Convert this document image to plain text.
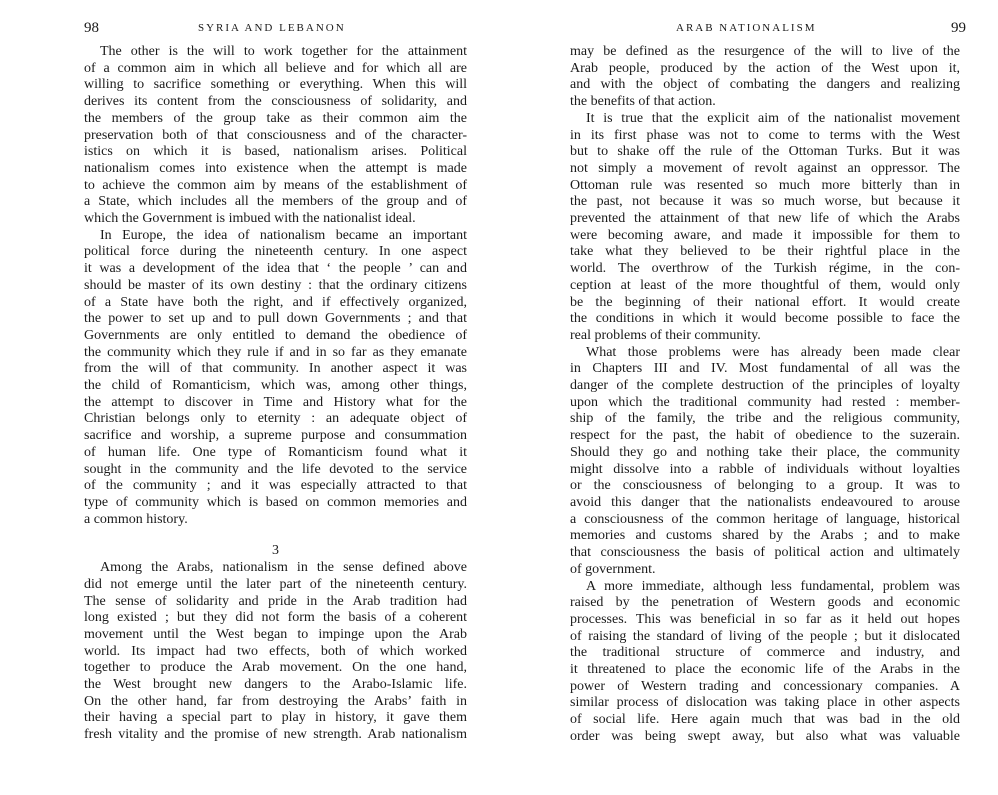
98	SYRIA AND LEBANON
The other is the will to work together for the attainment
of a common aim in which all believe and for which all are
willing to sacrifice something or everything. When this will
derives its content from the consciousness of solidarity, and
the members of the group take as their common aim the
preservation both of that consciousness and of the character-
istics on which it is based, nationalism arises. Political
nationalism comes into existence when the attempt is made
to achieve the common aim by means of the establishment of
a State, which includes all the members of the group and of
which the Government is imbued with the nationalist ideal.
In Europe, the idea of nationalism became an important
political force during the nineteenth century. In one aspect
it was a development of the idea that ‘ the people ’ can and
should be master of its own destiny : that the ordinary citizens
of a State have both the right, and if effectively organized,
the power to set up and to pull down Governments ; and that
Governments are only entitled to demand the obedience of
the community which they rule if and in so far as they emanate
from the will of that community. In another aspect it was
the child of Romanticism, which was, among other things,
the attempt to discover in Time and History what for the
Christian belongs only to eternity : an adequate object of
sacrifice and worship, a supreme purpose and consummation
of human life. One type of Romanticism found what it
sought in the community and the life devoted to the service
of the community ; and it was especially attracted to that
type of community which is based on common memories and
a common history.
3
Among the Arabs, nationalism in the sense defined above
did not emerge until the later part of the nineteenth century.
The sense of solidarity and pride in the Arab tradition had
long existed ; but they did not form the basis of a coherent
movement until the West began to impinge upon the Arab
world. Its impact had two effects, both of which worked
together to produce the Arab movement. On the one hand,
the West brought new dangers to the Arabo-Islamic life.
On the other hand, far from destroying the Arabs’ faith in
their having a special part to play in history, it gave them
fresh vitality and the promise of new strength. Arab nationalism
99
ARAB NATIONALISM
may be defined as the resurgence of the will to live of the
Arab people, produced by the action of the West upon it,
and with the object of combating the dangers and realizing
the benefits of that action.
It is true that the explicit aim of the nationalist movement
in its first phase was not to come to terms with the West
but to shake off the rule of the Ottoman Turks. But it was
not simply a movement of revolt against an oppressor. The
Ottoman rule was resented so much more bitterly than in
the past, not because it was so much worse, but because it
prevented the attainment of that new life of which the Arabs
were becoming aware, and made it impossible for them to
take what they believed to be their rightful place in the
world. The overthrow of the Turkish régime, in the con-
ception at least of the more thoughtful of them, would only
be the beginning of their national effort. It would create
the conditions in which it would become possible to face the
real problems of their community.
What those problems were has already been made clear
in Chapters III and IV. Most fundamental of all was the
danger of the complete destruction of the principles of loyalty
upon which the traditional community had rested : member-
ship of the family, the tribe and the religious community,
respect for the past, the habit of obedience to the suzerain.
Should they go and nothing take their place, the community
might dissolve into a rabble of individuals without loyalties
or the consciousness of belonging to a group. It was to
avoid this danger that the nationalists endeavoured to arouse
a consciousness of the common heritage of language, historical
memories and customs shared by the Arabs ; and to make
that consciousness the basis of political action and ultimately
of government.
A more immediate, although less fundamental, problem was
raised by the penetration of Western goods and economic
processes. This was beneficial in so far as it held out hopes
of raising the standard of living of the people ; but it dislocated
the traditional structure of commerce and industry, and
it threatened to place the economic life of the Arabs in the
power of Western trading and concessionary companies. A
similar process of dislocation was taking place in other aspects
of social life. Here again much that was bad in the old
order was being swept away, but also what was valuable
